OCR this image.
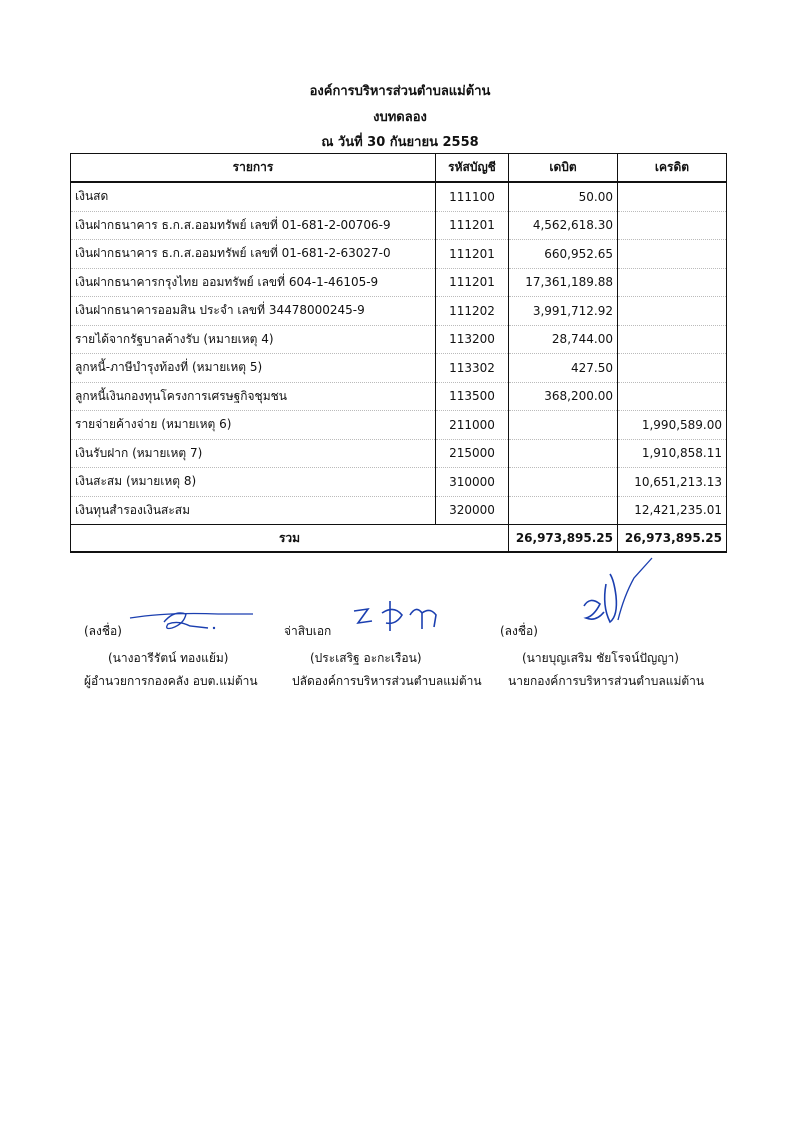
องค์การบริหารส่วนตำบลแม่ต้าน
งบทดลอง
ณ วันที่ 30 กันยายน 2558
รายการ	รหัสบัญชี	เดบิต	เครดิต
เงินสด	111100	50.00	
เงินฝากธนาคาร ธ.ก.ส.ออมทรัพย์ เลขที่ 01-681-2-00706-9	111201	4,562,618.30	
เงินฝากธนาคาร ธ.ก.ส.ออมทรัพย์ เลขที่ 01-681-2-63027-0	111201	660,952.65	
เงินฝากธนาคารกรุงไทย ออมทรัพย์ เลขที่ 604-1-46105-9	111201	17,361,189.88	
เงินฝากธนาคารออมสิน ประจำ เลขที่ 34478000245-9	111202	3,991,712.92	
รายได้จากรัฐบาลค้างรับ (หมายเหตุ 4)	113200	28,744.00	
ลูกหนี้-ภาษีบำรุงท้องที่ (หมายเหตุ 5)	113302	427.50	
ลูกหนี้เงินกองทุนโครงการเศรษฐกิจชุมชน	113500	368,200.00	
รายจ่ายค้างจ่าย (หมายเหตุ 6)	211000		1,990,589.00
เงินรับฝาก (หมายเหตุ 7)	215000		1,910,858.11
เงินสะสม (หมายเหตุ 8)	310000		10,651,213.13
เงินทุนสำรองเงินสะสม	320000		12,421,235.01
รวม		26,973,895.25	26,973,895.25
(ลงชื่อ)
(นางอารีรัตน์ ทองแย้ม)
ผู้อำนวยการกองคลัง อบต.แม่ต้าน
จ่าสิบเอก
(ประเสริฐ อะกะเรือน)
ปลัดองค์การบริหารส่วนตำบลแม่ต้าน
(ลงชื่อ)
(นายบุญเสริม ชัยโรจน์ปัญญา)
นายกองค์การบริหารส่วนตำบลแม่ต้าน
